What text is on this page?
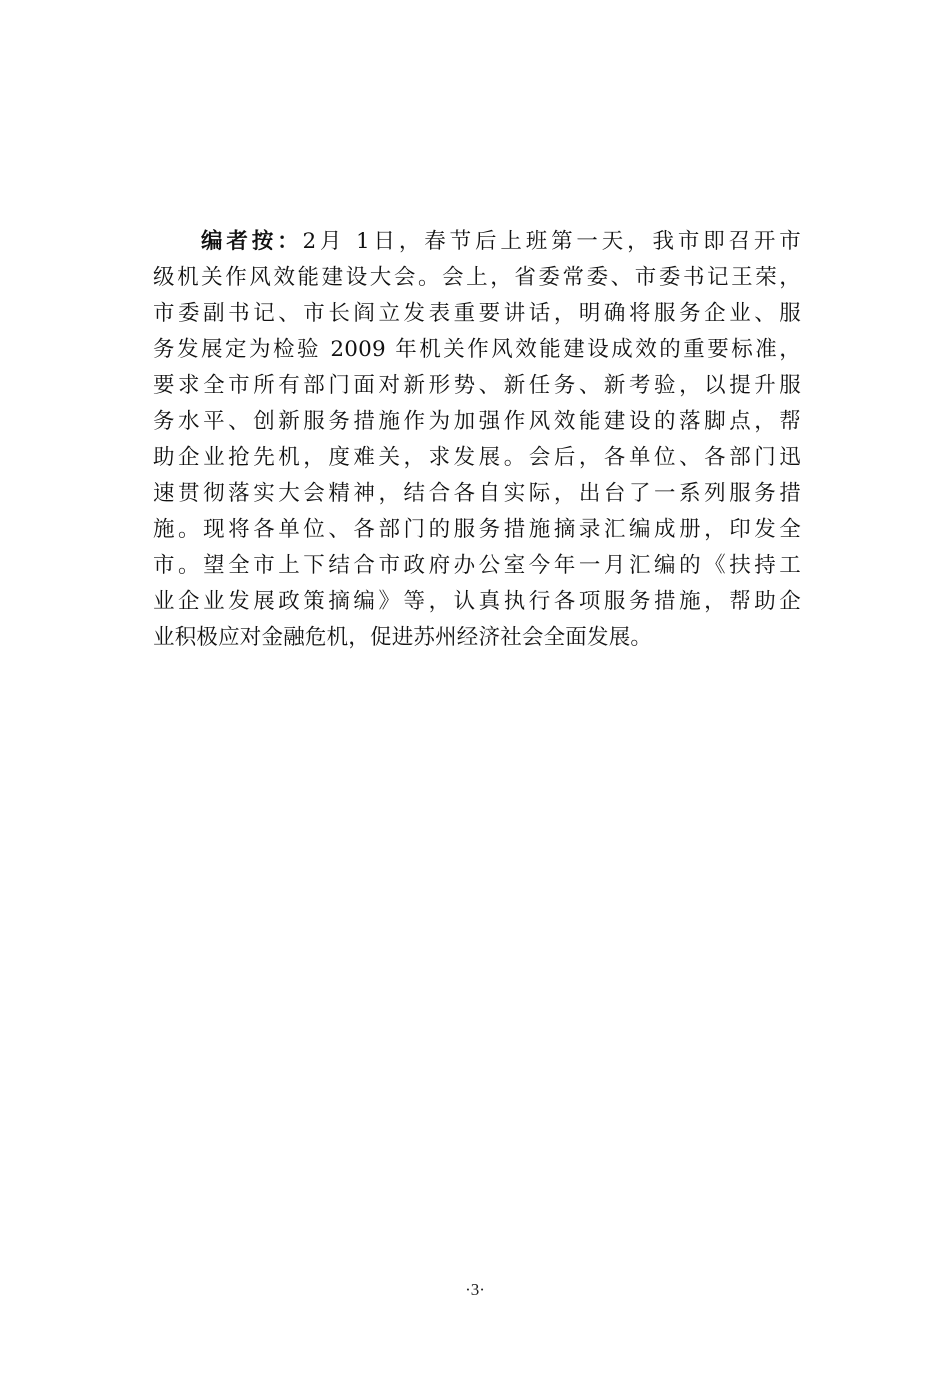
编者按：2月 1日，春节后上班第一天，我市即召开市
级机关作风效能建设大会。会上，省委常委、市委书记王荣，
市委副书记、市长阎立发表重要讲话，明确将服务企业、服
务发展定为检验 2009 年机关作风效能建设成效的重要标准，
要求全市所有部门面对新形势、新任务、新考验，以提升服
务水平、创新服务措施作为加强作风效能建设的落脚点，帮
助企业抢先机，度难关，求发展。会后，各单位、各部门迅
速贯彻落实大会精神，结合各自实际，出台了一系列服务措
施。现将各单位、各部门的服务措施摘录汇编成册，印发全
市。望全市上下结合市政府办公室今年一月汇编的《扶持工
业企业发展政策摘编》等，认真执行各项服务措施，帮助企
业积极应对金融危机，促进苏州经济社会全面发展。
·3·
